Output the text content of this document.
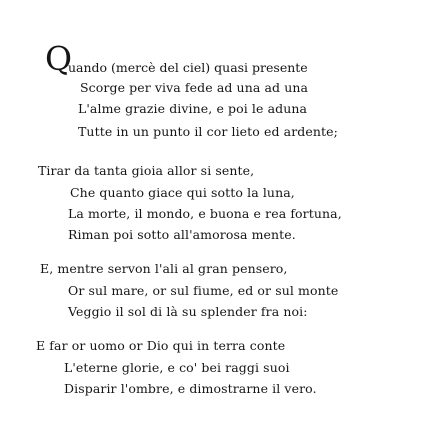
Q
uando (mercè del ciel) quasi presente
Scorge per viva fede ad una ad una
L'alme grazie divine, e poi le aduna
Tutte in un punto il cor lieto ed ardente;
Tirar da tanta gioia allor si sente,
Che quanto giace qui sotto la luna,
La morte, il mondo, e buona e rea fortuna,
Riman poi sotto all'amorosa mente.
E, mentre servon l'ali al gran pensero,
Or sul mare, or sul fiume, ed or sul monte
Veggio il sol di là su splender fra noi:
E far or uomo or Dio qui in terra conte
L'eterne glorie, e co' bei raggi suoi
Disparir l'ombre, e dimostrarne il vero.
